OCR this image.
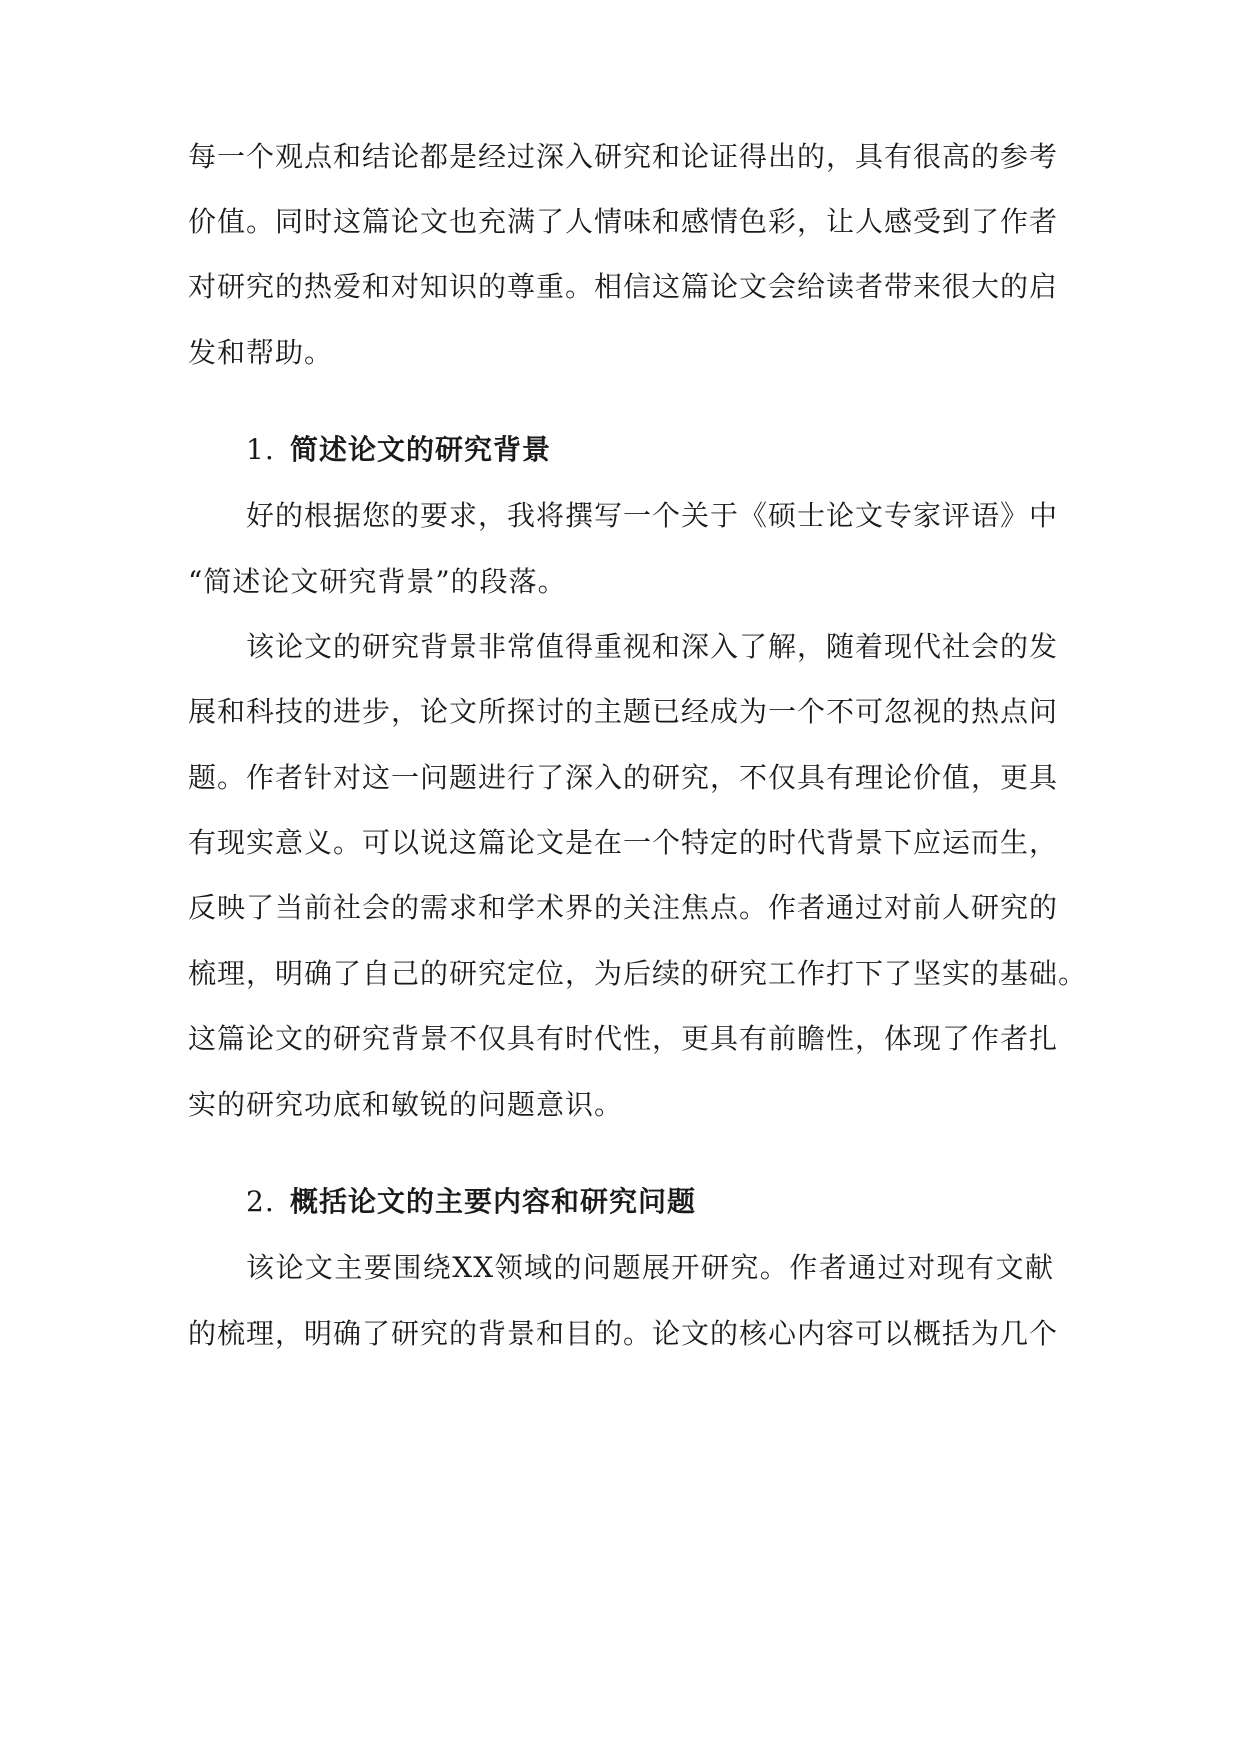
每一个观点和结论都是经过深入研究和论证得出的，具有很高的参考
价值。同时这篇论文也充满了人情味和感情色彩，让人感受到了作者
对研究的热爱和对知识的尊重。相信这篇论文会给读者带来很大的启
发和帮助。
1. 简述论文的研究背景
好的根据您的要求，我将撰写一个关于《硕士论文专家评语》中
“简述论文研究背景”的段落。
该论文的研究背景非常值得重视和深入了解，随着现代社会的发
展和科技的进步，论文所探讨的主题已经成为一个不可忽视的热点问
题。作者针对这一问题进行了深入的研究，不仅具有理论价值，更具
有现实意义。可以说这篇论文是在一个特定的时代背景下应运而生，
反映了当前社会的需求和学术界的关注焦点。作者通过对前人研究的
梳理，明确了自己的研究定位，为后续的研究工作打下了坚实的基础。
这篇论文的研究背景不仅具有时代性，更具有前瞻性，体现了作者扎
实的研究功底和敏锐的问题意识。
2. 概括论文的主要内容和研究问题
该论文主要围绕XX领域的问题展开研究。作者通过对现有文献
的梳理，明确了研究的背景和目的。论文的核心内容可以概括为几个
